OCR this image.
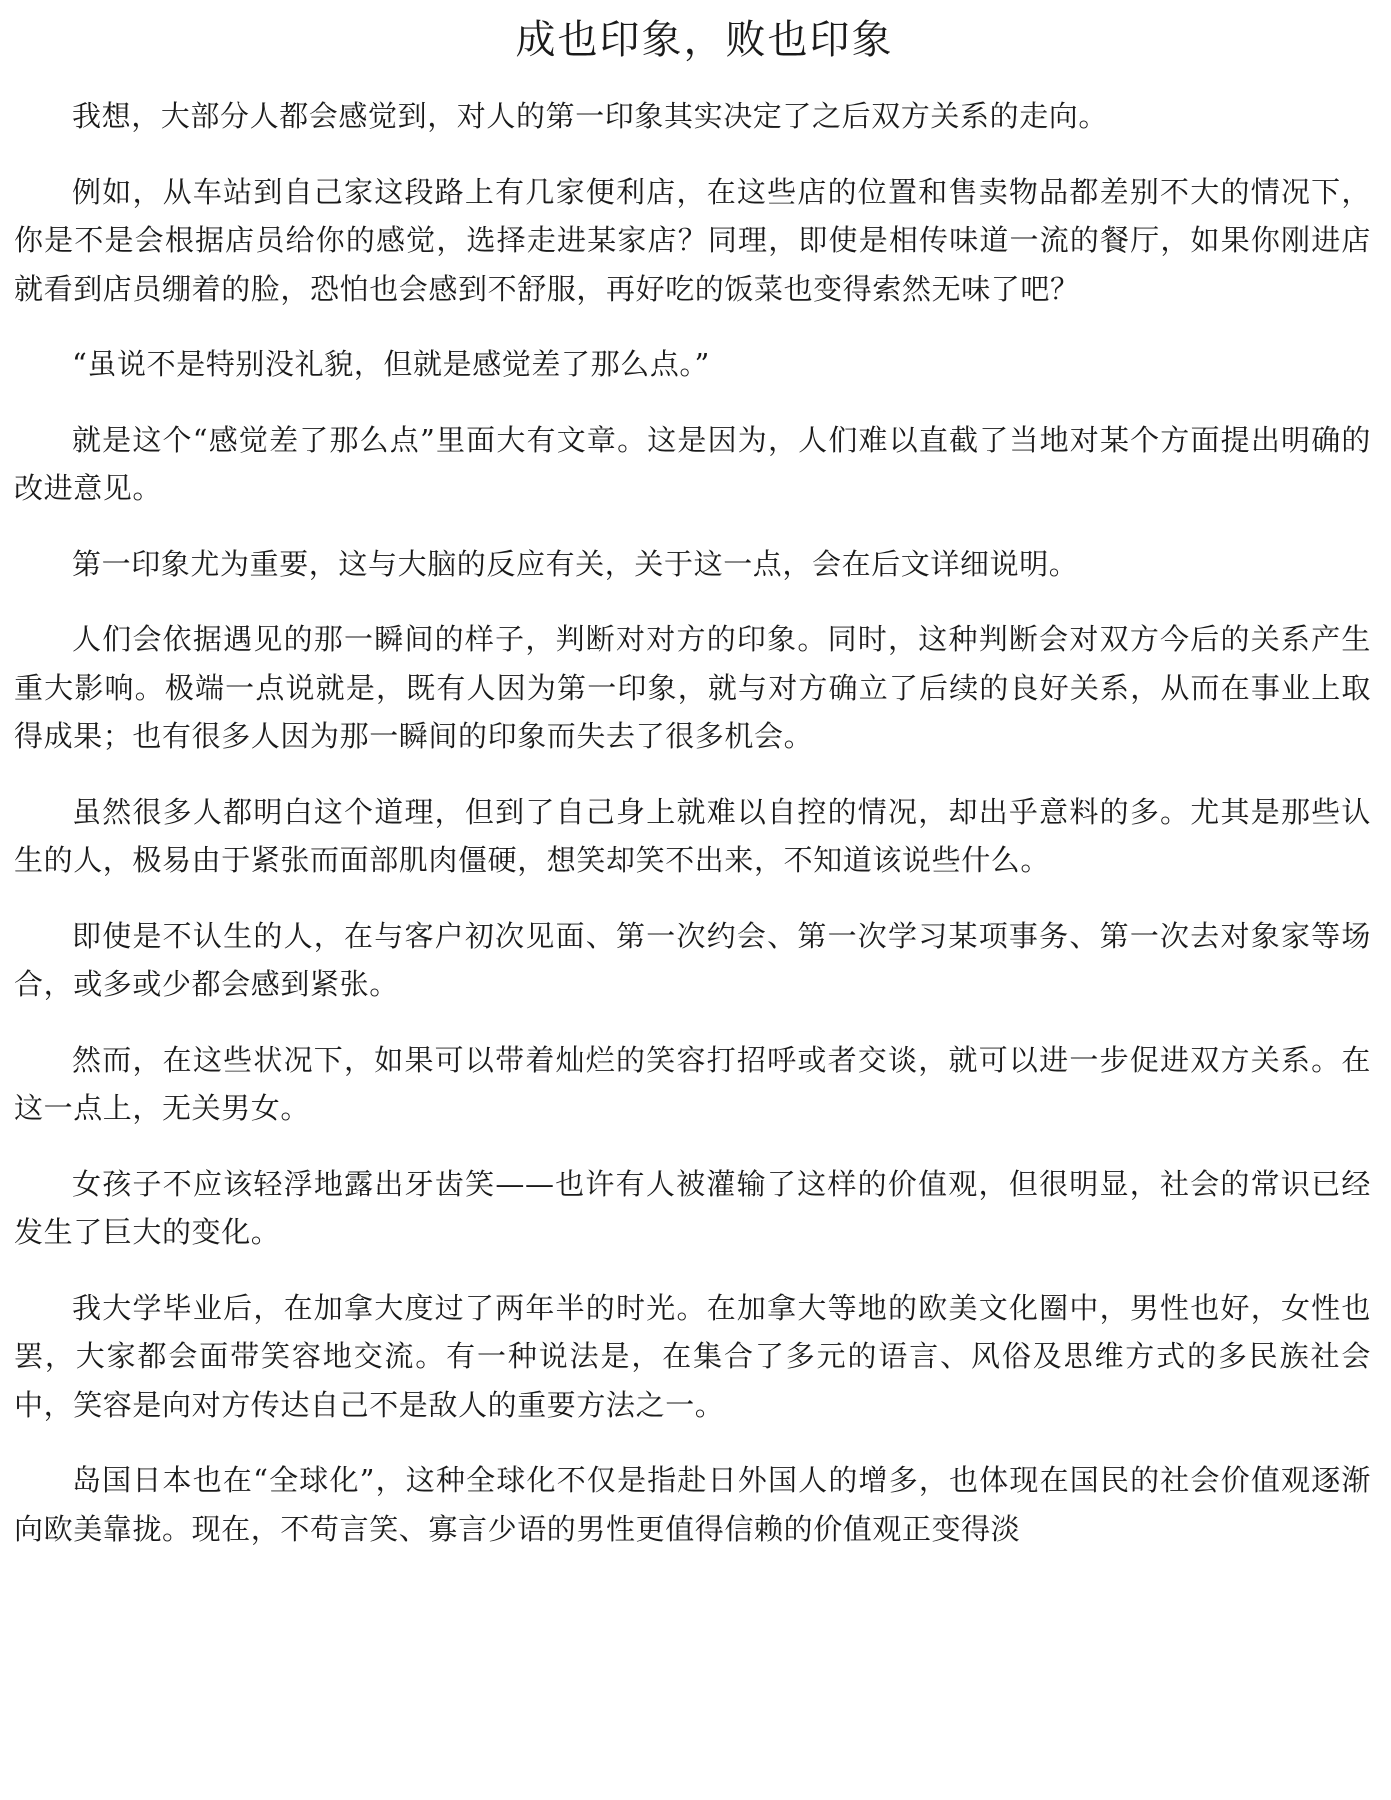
成也印象，败也印象

我想，大部分人都会感觉到，对人的第一印象其实决定了之后双方关系的走向。

例如，从车站到自己家这段路上有几家便利店，在这些店的位置和售卖物品都差别不大的情况下，你是不是会根据店员给你的感觉，选择走进某家店？同理，即使是相传味道一流的餐厅，如果你刚进店就看到店员绷着的脸，恐怕也会感到不舒服，再好吃的饭菜也变得索然无味了吧？

“虽说不是特别没礼貌，但就是感觉差了那么点。”

就是这个“感觉差了那么点”里面大有文章。这是因为，人们难以直截了当地对某个方面提出明确的改进意见。

第一印象尤为重要，这与大脑的反应有关，关于这一点，会在后文详细说明。

人们会依据遇见的那一瞬间的样子，判断对对方的印象。同时，这种判断会对双方今后的关系产生重大影响。极端一点说就是，既有人因为第一印象，就与对方确立了后续的良好关系，从而在事业上取得成果；也有很多人因为那一瞬间的印象而失去了很多机会。

虽然很多人都明白这个道理，但到了自己身上就难以自控的情况，却出乎意料的多。尤其是那些认生的人，极易由于紧张而面部肌肉僵硬，想笑却笑不出来，不知道该说些什么。

即使是不认生的人，在与客户初次见面、第一次约会、第一次学习某项事务、第一次去对象家等场合，或多或少都会感到紧张。

然而，在这些状况下，如果可以带着灿烂的笑容打招呼或者交谈，就可以进一步促进双方关系。在这一点上，无关男女。

女孩子不应该轻浮地露出牙齿笑——也许有人被灌输了这样的价值观，但很明显，社会的常识已经发生了巨大的变化。

我大学毕业后，在加拿大度过了两年半的时光。在加拿大等地的欧美文化圈中，男性也好，女性也罢，大家都会面带笑容地交流。有一种说法是，在集合了多元的语言、风俗及思维方式的多民族社会中，笑容是向对方传达自己不是敌人的重要方法之一。

岛国日本也在“全球化”，这种全球化不仅是指赴日外国人的增多，也体现在国民的社会价值观逐渐向欧美靠拢。现在，不苟言笑、寡言少语的男性更值得信赖的价值观正变得淡
